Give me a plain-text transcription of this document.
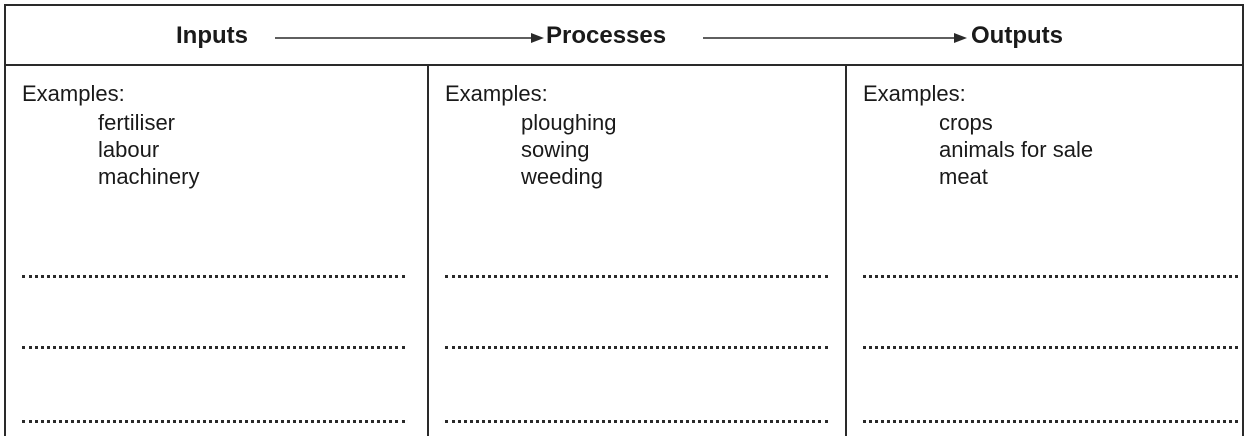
Inputs	Processes	Outputs
Examples:
fertiliser
labour
machinery
Examples:
ploughing
sowing
weeding
Examples:
crops
animals for sale
meat
